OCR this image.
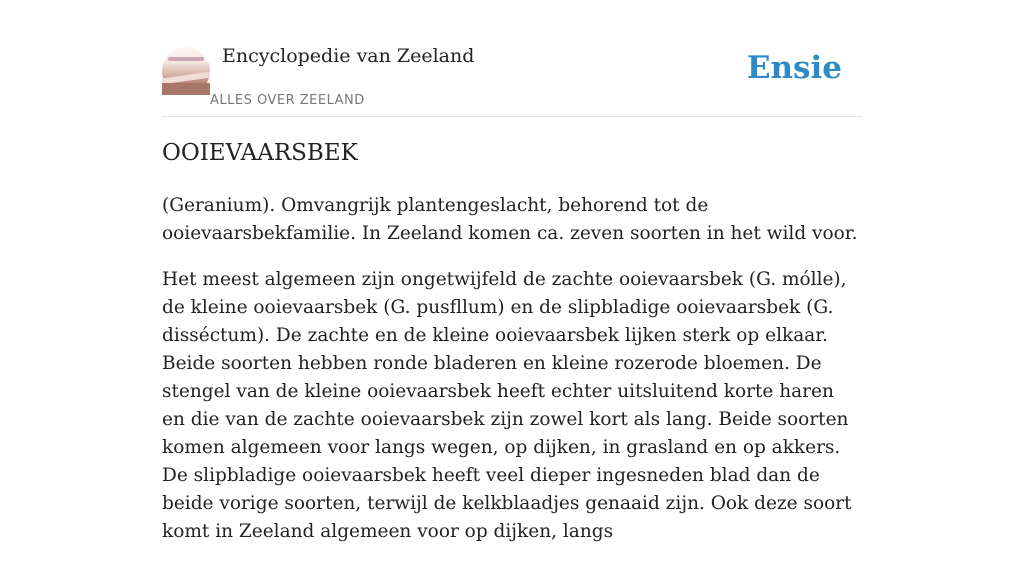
Encyclopedie van Zeeland
ALLES OVER ZEELAND
Ensie
OOIEVAARSBEK

(Geranium). Omvangrijk plantengeslacht, behorend tot de ooievaarsbekfamilie. In Zeeland komen ca. zeven soorten in het wild voor.

Het meest algemeen zijn ongetwijfeld de zachte ooievaarsbek (G. mólle), de kleine ooievaarsbek (G. pusfllum) en de slipbladige ooievaarsbek (G. disséctum). De zachte en de kleine ooievaarsbek lijken sterk op elkaar. Beide soorten hebben ronde bladeren en kleine rozerode bloemen. De stengel van de kleine ooievaarsbek heeft echter uitsluitend korte haren en die van de zachte ooievaarsbek zijn zowel kort als lang. Beide soorten komen algemeen voor langs wegen, op dijken, in grasland en op akkers. De slipbladige ooievaarsbek heeft veel dieper ingesneden blad dan de beide vorige soorten, terwijl de kelkblaadjes genaaid zijn. Ook deze soort komt in Zeeland algemeen voor op dijken, langs
